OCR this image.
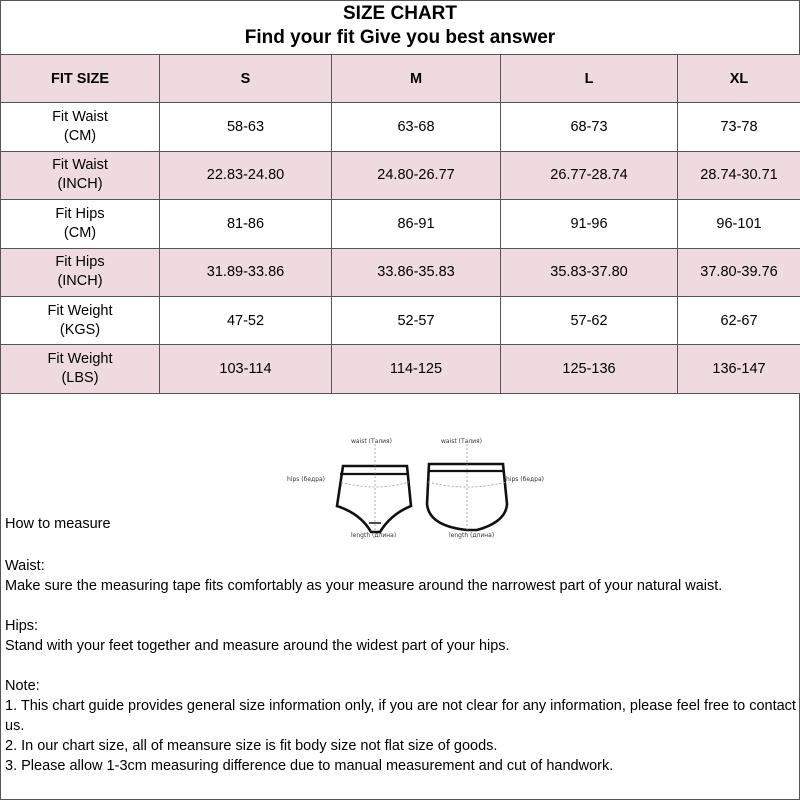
SIZE CHART
Find your fit Give you best answer
FIT SIZE	S	M	L	XL
Fit Waist
(CM)	58-63	63-68	68-73	73-78
Fit Waist
(INCH)	22.83-24.80	24.80-26.77	26.77-28.74	28.74-30.71
Fit Hips
(CM)	81-86	86-91	91-96	96-101
Fit Hips
(INCH)	31.89-33.86	33.86-35.83	35.83-37.80	37.80-39.76
Fit Weight
(KGS)	47-52	52-57	57-62	62-67
Fit Weight
(LBS)	103-114	114-125	125-136	136-147
waist (Талия)	waist (Талия)
hips (бедра)	hips (бедра)
length (длина)	length (длина)
How to measure
Waist:
Make sure the measuring tape fits comfortably as your measure around the narrowest part of your natural waist.
Hips:
Stand with your feet together and measure around the widest part of your hips.
Note:
1. This chart guide provides general size information only, if you are not clear for any information, please feel free to contact us.
2. In our chart size, all of meansure size is fit body size not flat size of goods.
3. Please allow 1-3cm measuring difference due to manual measurement and cut of handwork.
